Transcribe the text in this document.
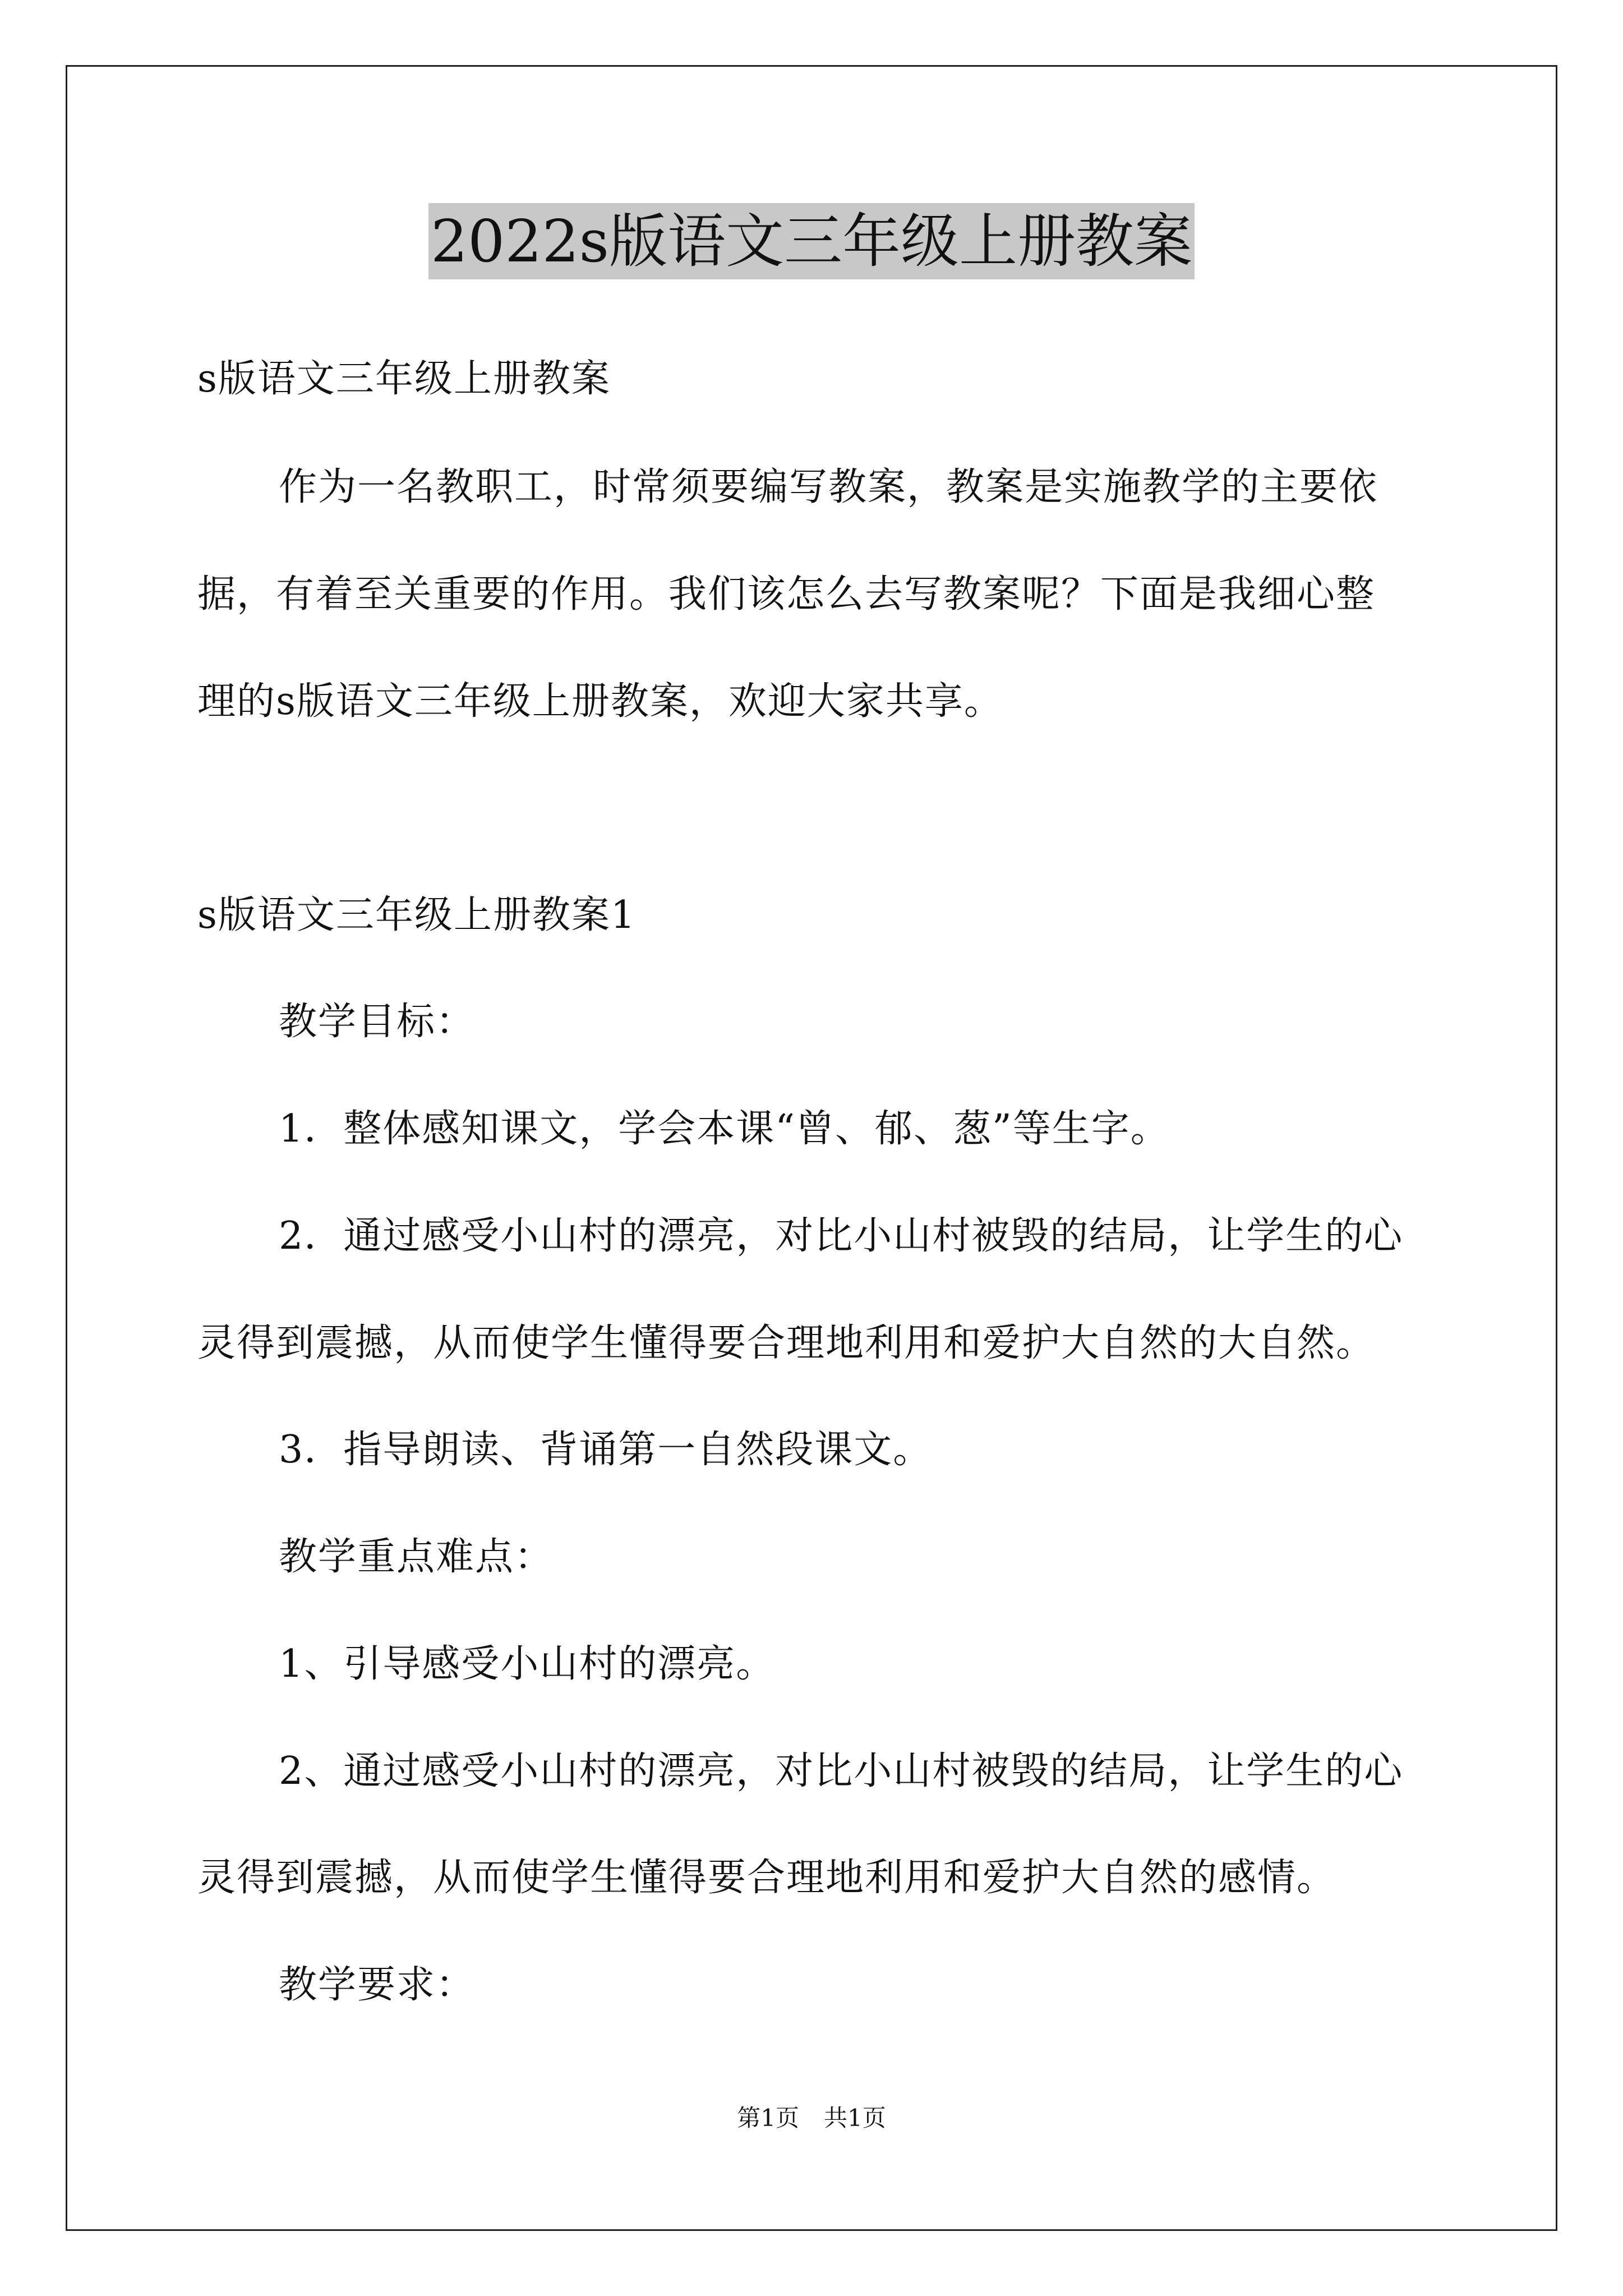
2022s版语文三年级上册教案
s版语文三年级上册教案
作为一名教职工，时常须要编写教案，教案是实施教学的主要依
据，有着至关重要的作用。我们该怎么去写教案呢？下面是我细心整
理的s版语文三年级上册教案，欢迎大家共享。
s版语文三年级上册教案1
教学目标：
1．整体感知课文，学会本课“曾、郁、葱”等生字。
2．通过感受小山村的漂亮，对比小山村被毁的结局，让学生的心
灵得到震撼，从而使学生懂得要合理地利用和爱护大自然的大自然。
3．指导朗读、背诵第一自然段课文。
教学重点难点：
1、引导感受小山村的漂亮。
2、通过感受小山村的漂亮，对比小山村被毁的结局，让学生的心
灵得到震撼，从而使学生懂得要合理地利用和爱护大自然的感情。
教学要求：
第1页 共1页
